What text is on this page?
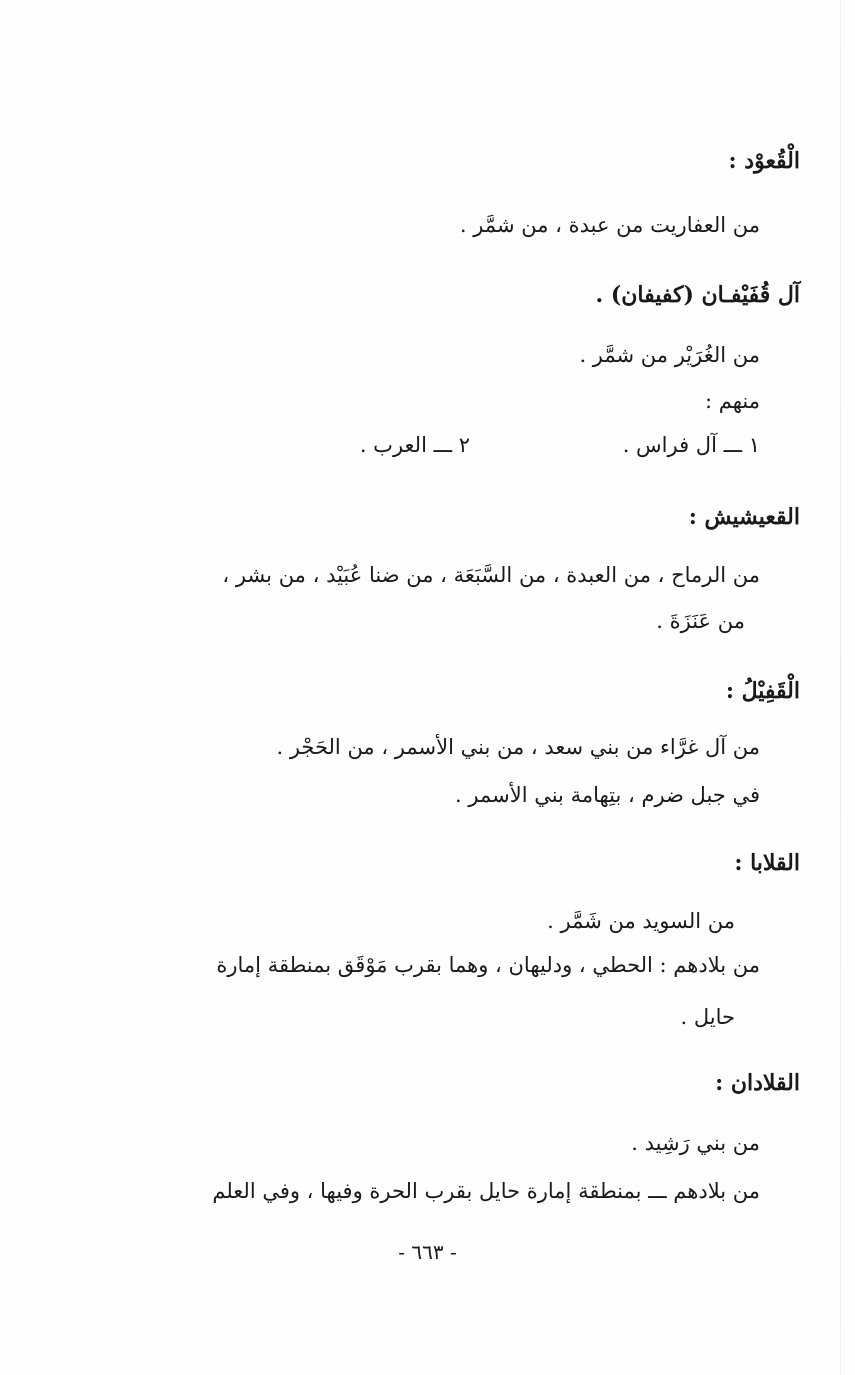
الْقُعوْد :
من العفاريت من عبدة ، من شمَّر .
آل قُفَيْفـان (كفيفان) .
من الغُرَيْر من شمَّر .
منهم :
١ ـــ آل فراس .
٢ ـــ العرب .
القعيشيش :
من الرماح ، من العبدة ، من السَّبَعَة ، من ضنا عُبَيْد ، من بشر ،
من عَنَزَةَ .
الْقَفِيْلُ :
من آل غرَّاء من بني سعد ، من بني الأسمر ، من الحَجْر .
في جبل ضرم ، بتِهامة بني الأسمر .
القلابا :
من السويد من شَمَّر .
من بلادهم : الحطي ، ودليهان ، وهما بقرب مَوْقَق بمنطقة إمارة
حايل .
القلادان :
من بني رَشِيد .
من بلادهم ـــ بمنطقة إمارة حايل بقرب الحرة وفيها ، وفي العلم
- ٦٦٣ -
